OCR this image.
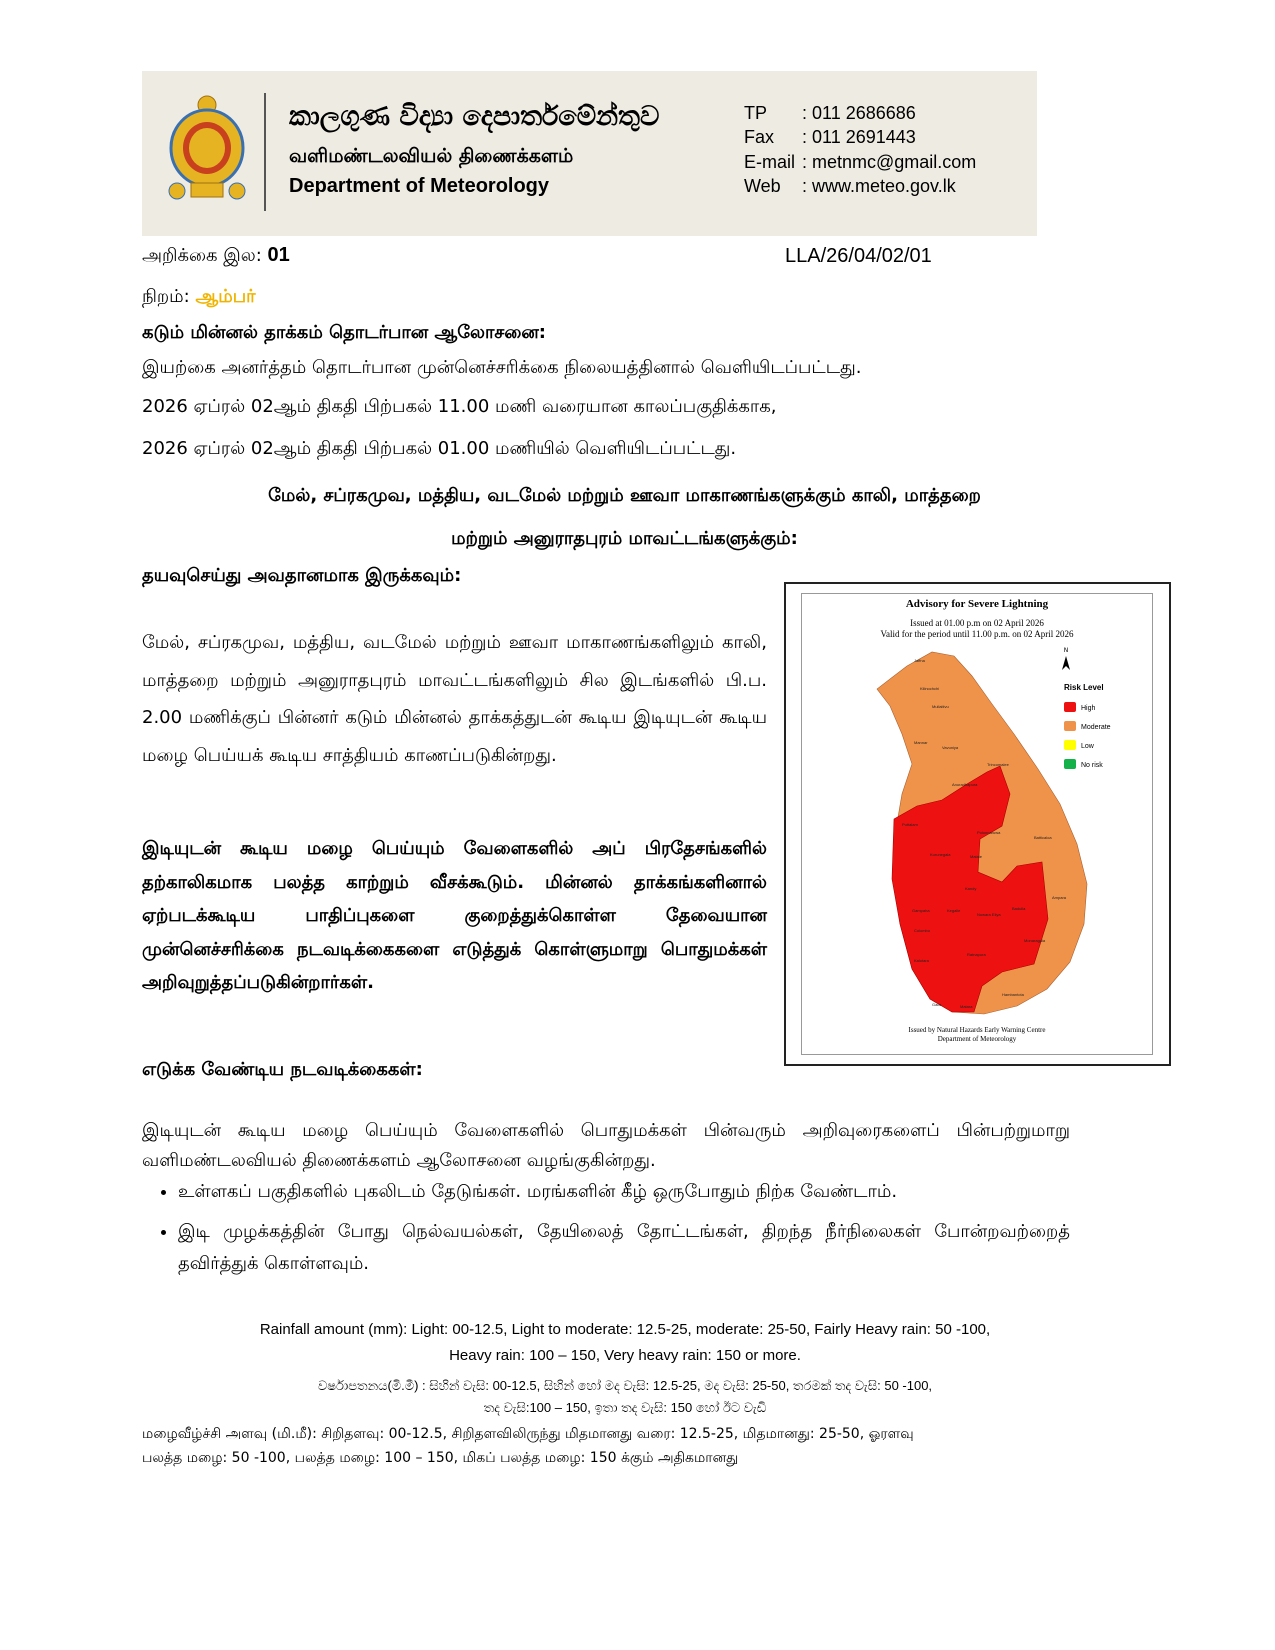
කාලගුණ විද්‍යා දෙපාර්තමේන්තුව
வளிமண்டலவியல் திணைக்களம்
Department of Meteorology
TP : 011 2686686
Fax : 011 2691443
E-mail : metnmc@gmail.com
Web : www.meteo.gov.lk
அறிக்கை இல: 01	LLA/26/04/02/01
நிறம்: ஆம்பர்
கடும் மின்னல் தாக்கம் தொடர்பான ஆலோசனை:
இயற்கை அனர்த்தம் தொடர்பான முன்னெச்சரிக்கை நிலையத்தினால் வெளியிடப்பட்டது.
2026 ஏப்ரல் 02ஆம் திகதி பிற்பகல் 11.00 மணி வரையான காலப்பகுதிக்காக,
2026 ஏப்ரல் 02ஆம் திகதி பிற்பகல் 01.00 மணியில் வெளியிடப்பட்டது.
மேல், சப்ரகமுவ, மத்திய, வடமேல் மற்றும் ஊவா மாகாணங்களுக்கும் காலி, மாத்தறை
மற்றும் அனுராதபுரம் மாவட்டங்களுக்கும்:
தயவுசெய்து அவதானமாக இருக்கவும்:
மேல், சப்ரகமுவ, மத்திய, வடமேல் மற்றும் ஊவா மாகாணங்களிலும் காலி, மாத்தறை மற்றும் அனுராதபுரம் மாவட்டங்களிலும் சில இடங்களில் பி.ப. 2.00 மணிக்குப் பின்னர் கடும் மின்னல் தாக்கத்துடன் கூடிய இடியுடன் கூடிய மழை பெய்யக் கூடிய சாத்தியம் காணப்படுகின்றது.
இடியுடன் கூடிய மழை பெய்யும் வேளைகளில் அப் பிரதேசங்களில் தற்காலிகமாக பலத்த காற்றும் வீசக்கூடும். மின்னல் தாக்கங்களினால் ஏற்படக்கூடிய பாதிப்புகளை குறைத்துக்கொள்ள தேவையான முன்னெச்சரிக்கை நடவடிக்கைகளை எடுத்துக் கொள்ளுமாறு பொதுமக்கள் அறிவுறுத்தப்படுகின்றார்கள்.
Advisory for Severe Lightning
Issued at 01.00 p.m on 02 April 2026
Valid for the period until 11.00 p.m. on 02 April 2026
Jaffna
Kilinochchi
Mullaitivu
Mannar
Vavuniya
Trincomalee
Anuradhapura
Puttalam
Polonnaruwa
Batticaloa
Kurunegala	Matale
Ampara
Kandy
Gampaha	Kegalle
Nuwara Eliya
Badulla
Colombo
Monaragala
Kalutara
Ratnapura
Hambantota
Galle	Matara
N
Risk Level
High
Moderate
Low
No risk
Issued by Natural Hazards Early Warning Centre
Department of Meteorology
எடுக்க வேண்டிய நடவடிக்கைகள்:
இடியுடன் கூடிய மழை பெய்யும் வேளைகளில் பொதுமக்கள் பின்வரும் அறிவுரைகளைப் பின்பற்றுமாறு வளிமண்டலவியல் திணைக்களம் ஆலோசனை வழங்குகின்றது.
• உள்ளகப் பகுதிகளில் புகலிடம் தேடுங்கள். மரங்களின் கீழ் ஒருபோதும் நிற்க வேண்டாம்.
• இடி முழக்கத்தின் போது நெல்வயல்கள், தேயிலைத் தோட்டங்கள், திறந்த நீர்நிலைகள் போன்றவற்றைத் தவிர்த்துக் கொள்ளவும்.
Rainfall amount (mm): Light: 00-12.5, Light to moderate: 12.5-25, moderate: 25-50, Fairly Heavy rain: 50 -100,
Heavy rain: 100 – 150, Very heavy rain: 150 or more.
වර්ෂාපතනය(මි.මී) : සිහින් වැසි: 00-12.5, සිහින් හෝ මද වැසි: 12.5-25, මද වැසි: 25-50, තරමක් තද වැසි: 50 -100,
තද වැසි:100 – 150, ඉතා තද වැසි: 150 හෝ ඊට වැඩි
மழைவீழ்ச்சி அளவு (மி.மீ): சிறிதளவு: 00-12.5, சிறிதளவிலிருந்து மிதமானது வரை: 12.5-25, மிதமானது: 25-50, ஓரளவு
பலத்த மழை: 50 -100, பலத்த மழை: 100 – 150, மிகப் பலத்த மழை: 150 க்கும் அதிகமானது
